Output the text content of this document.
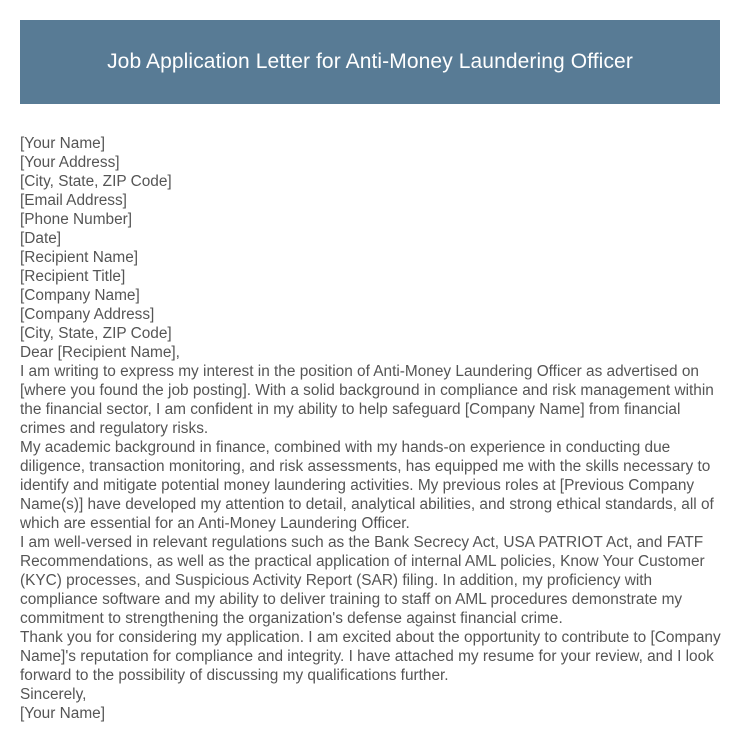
Job Application Letter for Anti-Money Laundering Officer
[Your Name]
[Your Address]
[City, State, ZIP Code]
[Email Address]
[Phone Number]
[Date]
[Recipient Name]
[Recipient Title]
[Company Name]
[Company Address]
[City, State, ZIP Code]
Dear [Recipient Name],
I am writing to express my interest in the position of Anti-Money Laundering Officer as advertised on [where you found the job posting]. With a solid background in compliance and risk management within the financial sector, I am confident in my ability to help safeguard [Company Name] from financial crimes and regulatory risks.
My academic background in finance, combined with my hands-on experience in conducting due diligence, transaction monitoring, and risk assessments, has equipped me with the skills necessary to identify and mitigate potential money laundering activities. My previous roles at [Previous Company Name(s)] have developed my attention to detail, analytical abilities, and strong ethical standards, all of which are essential for an Anti-Money Laundering Officer.
I am well-versed in relevant regulations such as the Bank Secrecy Act, USA PATRIOT Act, and FATF Recommendations, as well as the practical application of internal AML policies, Know Your Customer (KYC) processes, and Suspicious Activity Report (SAR) filing. In addition, my proficiency with compliance software and my ability to deliver training to staff on AML procedures demonstrate my commitment to strengthening the organization's defense against financial crime.
Thank you for considering my application. I am excited about the opportunity to contribute to [Company Name]'s reputation for compliance and integrity. I have attached my resume for your review, and I look forward to the possibility of discussing my qualifications further.
Sincerely,
[Your Name]
